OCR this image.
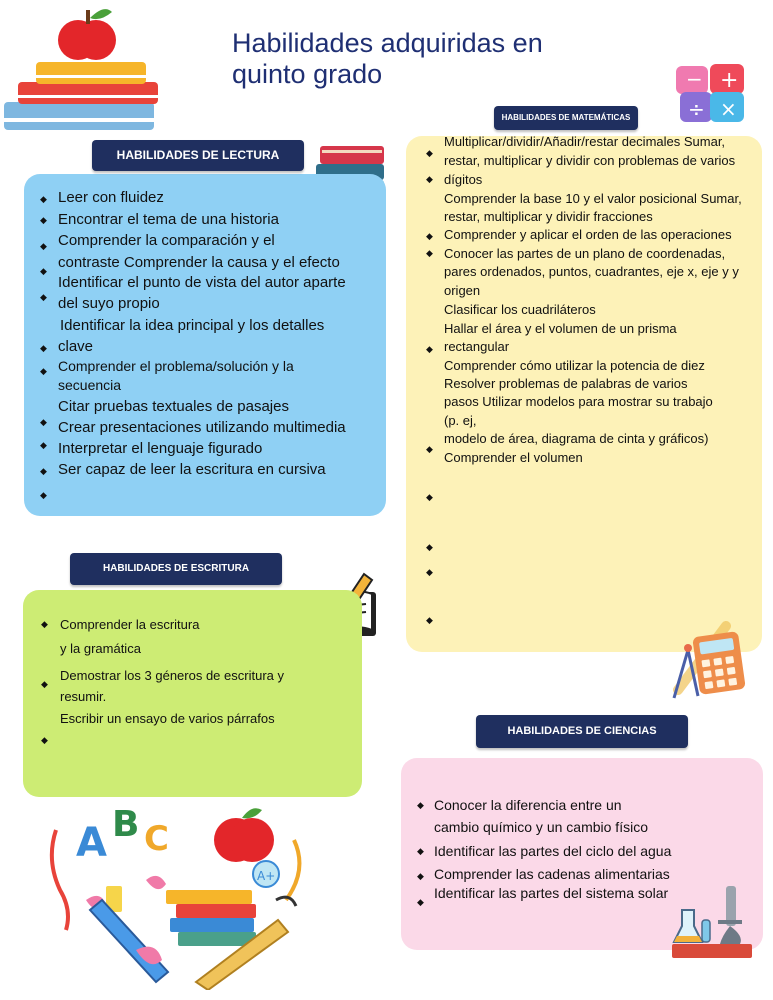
Habilidades adquiridas en
quinto grado	+
−
÷ ×
◆
◆
◆
◆
◆
◆
◆
◆
◆
◆
◆
Leer con fluidez
Encontrar el tema de una historia
Comprender la comparación y el
contraste Comprender la causa y el efecto
Identificar el punto de vista del autor aparte
del suyo propio
Identificar la idea principal y los detalles
clave
Comprender el problema/solución y la
secuencia
Citar pruebas textuales de pasajes
Crear presentaciones utilizando multimedia
Interpretar el lenguaje figurado
Ser capaz de leer la escritura en cursiva
HABILIDADES DE LECTURA	◆
◆
◆
◆
◆
◆
◆
◆
◆
◆
Multiplicar/dividir/Añadir/restar decimales Sumar,
restar, multiplicar y dividir con problemas de varios
dígitos
Comprender la base 10 y el valor posicional Sumar,
restar, multiplicar y dividir fracciones
Comprender y aplicar el orden de las operaciones
Conocer las partes de un plano de coordenadas,
pares ordenados, puntos, cuadrantes, eje x, eje y y
origen
Clasificar los cuadriláteros
Hallar el área y el volumen de un prisma
rectangular
Comprender cómo utilizar la potencia de diez
Resolver problemas de palabras de varios
pasos Utilizar modelos para mostrar su trabajo
(p. ej,
modelo de área, diagrama de cinta y gráficos)
Comprender el volumen
HABILIDADES DE MATEMÁTICAS
◆
◆
◆
Comprender la escritura
y la gramática
Demostrar los 3 géneros de escritura y
resumir.
Escribir un ensayo de varios párrafos
HABILIDADES DE ESCRITURA
◆
◆
◆
◆
Conocer la diferencia entre un
cambio químico y un cambio físico
Identificar las partes del ciclo del agua
Comprender las cadenas alimentarias
Identificar las partes del sistema solar
HABILIDADES DE CIENCIAS
A B C
A+
